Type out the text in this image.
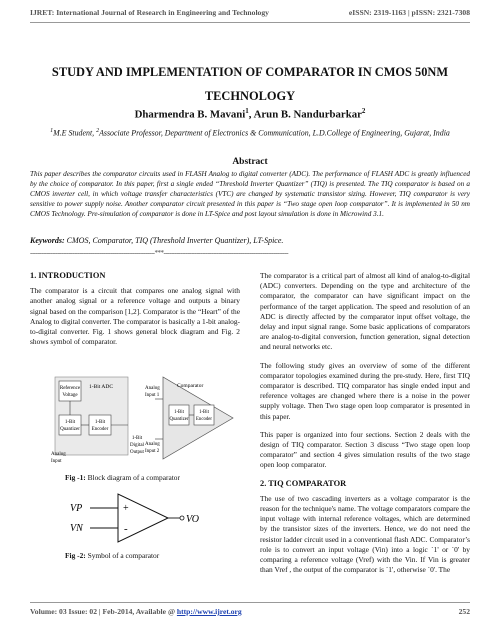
IJRET: International Journal of Research in Engineering and Technology	eISSN: 2319-1163 | pISSN: 2321-7308
STUDY AND IMPLEMENTATION OF COMPARATOR IN CMOS 50NM TECHNOLOGY
Dharmendra B. Mavani$^1$, Arun B. Nandurbarkar$^2$
$^1$M.E Student, $^2$Associate Professor, Department of Electronics & Communication, L.D.College of Engineering, Gujarat, India
Abstract
This paper describes the comparator circuits used in FLASH Analog to digital converter (ADC). The performance of FLASH ADC is greatly influenced by the choice of comparator. In this paper, first a single ended “Threshold Inverter Quantizer” (TIQ) is presented. The TIQ comparator is based on a CMOS inverter cell, in which voltage transfer characteristics (VTC) are changed by systematic transistor sizing. However, TIQ comparator is very sensitive to power supply noise. Another comparator circuit presented in this paper is “Two stage open loop comparator”. It is implemented in 50 nm CMOS Technology. Pre-simulation of comparator is done in LT-Spice and post layout simulation is done in Microwind 3.1.
Keywords: CMOS, Comparator, TIQ (Threshold Inverter Quantizer), LT-Spice.
--------------------------------------------------------------------***--------------------------------------------------------------------
1. INTRODUCTION

The comparator is a circuit that compares one analog signal with another analog signal or a reference voltage and outputs a binary signal based on the comparison [1,2]. Comparator is the “Heart” of the Analog to digital converter. The comparator is basically a 1-bit analog-to-digital converter. Fig. 1 shows general block diagram and Fig. 2 shows symbol of comparator.

Reference
Voltage
1-Bit ADC
1-Bit
Quantizer
1-Bit
Encoder
Analog
Input
1-Bit
Digital
Output
Analog
Input 1
Analog
Input 2
Comparator
1-Bit
Quantizer
1-Bit
Encoder
Fig -1: Block diagram of a comparator
VP
VN
+
-
VO
Fig -2: Symbol of a comparator

The comparator is a critical part of almost all kind of analog-to-digital (ADC) converters. Depending on the type and architecture of the comparator, the comparator can have significant impact on the performance of the target application. The speed and resolution of an ADC is directly affected by the comparator input offset voltage, the delay and input signal range. Some basic applications of comparators are analog-to-digital conversion, function generation, signal detection and neural networks etc.

The following study gives an overview of some of the different comparator topologies examined during the pre-study. Here, first TIQ comparator is described. TIQ comparator has single ended input and reference voltages are changed where there is a noise in the power supply voltage. Then Two stage open loop comparator is presented in this paper.

This paper is organized into four sections. Section 2 deals with the design of TIQ comparator. Section 3 discuss “Two stage open loop comparator” and section 4 gives simulation results of the two stage open loop comparator.

2. TIQ COMPARATOR

The use of two cascading inverters as a voltage comparator is the reason for the technique's name. The voltage comparators compare the input voltage with internal reference voltages, which are determined by the transistor sizes of the inverters. Hence, we do not need the resistor ladder circuit used in a conventional flash ADC. Comparator’s role is to convert an input voltage (Vin) into a logic `1' or `0' by comparing a reference voltage (Vref) with the Vin. If Vin is greater than Vref , the output of the comparator is `1', otherwise `0'. The

Volume: 03 Issue: 02 | Feb-2014, Available @ http://www.ijret.org	252
